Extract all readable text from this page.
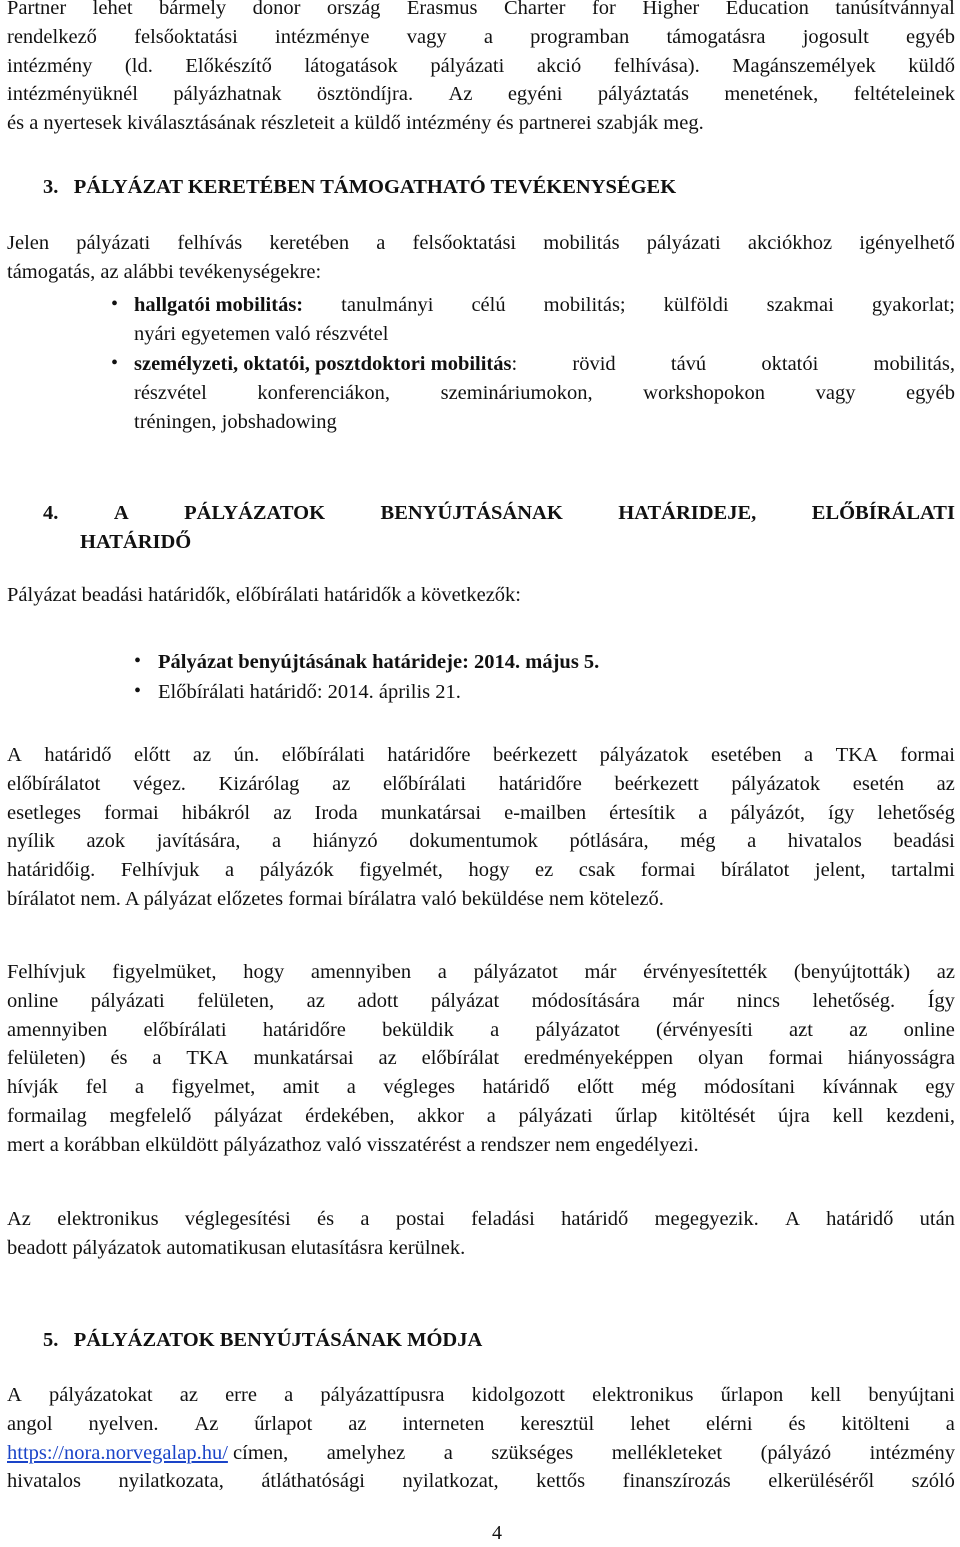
Partner lehet bármely donor ország Erasmus Charter for Higher Education tanúsítvánnyal
rendelkező felsőoktatási intézménye vagy a programban támogatásra jogosult egyéb
intézmény (ld. Előkészítő látogatások pályázati akció felhívása). Magánszemélyek küldő
intézményüknél pályázhatnak ösztöndíjra. Az egyéni pályáztatás menetének, feltételeinek
és a nyertesek kiválasztásának részleteit a küldő intézmény és partnerei szabják meg.
3. PÁLYÁZAT KERETÉBEN TÁMOGATHATÓ TEVÉKENYSÉGEK
Jelen pályázati felhívás keretében a felsőoktatási mobilitás pályázati akciókhoz igényelhető
támogatás, az alábbi tevékenységekre:
• hallgatói mobilitás: tanulmányi célú mobilitás; külföldi szakmai gyakorlat;
nyári egyetemen való részvétel
• személyzeti, oktatói, posztdoktori mobilitás:	rövid	távú	oktatói	mobilitás,
részvétel konferenciákon, szemináriumokon, workshopokon vagy egyéb
tréningen, jobshadowing
4.	A	PÁLYÁZATOK	BENYÚJTÁSÁNAK	HATÁRIDEJE,	ELŐBÍRÁLATI
HATÁRIDŐ
Pályázat beadási határidők, előbírálati határidők a következők:
• Pályázat benyújtásának határideje: 2014. május 5.
• Előbírálati határidő: 2014. április 21.
A határidő előtt az ún. előbírálati határidőre beérkezett pályázatok esetében a TKA formai
előbírálatot végez. Kizárólag az előbírálati határidőre beérkezett pályázatok esetén az
esetleges formai hibákról az Iroda munkatársai e-mailben értesítik a pályázót, így lehetőség
nyílik azok javítására, a hiányzó dokumentumok pótlására, még a hivatalos beadási
határidőig. Felhívjuk a pályázók figyelmét, hogy ez csak formai bírálatot jelent, tartalmi
bírálatot nem. A pályázat előzetes formai bírálatra való beküldése nem kötelező.
Felhívjuk figyelmüket, hogy amennyiben a pályázatot már érvényesítették (benyújtották) az
online pályázati felületen, az adott pályázat módosítására már nincs lehetőség. Így
amennyiben előbírálati határidőre beküldik a pályázatot (érvényesíti azt az online
felületen) és a TKA munkatársai az előbírálat eredményeképpen olyan formai hiányosságra
hívják fel a figyelmet, amit a végleges határidő előtt még módosítani kívánnak egy
formailag megfelelő pályázat érdekében, akkor a pályázati űrlap kitöltését újra kell kezdeni,
mert a korábban elküldött pályázathoz való visszatérést a rendszer nem engedélyezi.
Az elektronikus véglegesítési és a postai feladási határidő megegyezik. A határidő után
beadott pályázatok automatikusan elutasításra kerülnek.
5. PÁLYÁZATOK BENYÚJTÁSÁNAK MÓDJA
A pályázatokat az erre a pályázattípusra kidolgozott elektronikus űrlapon kell benyújtani
angol nyelven. Az űrlapot az interneten keresztül lehet elérni és kitölteni a
https://nora.norvegalap.hu/ címen, amelyhez a szükséges mellékleteket (pályázó intézmény
hivatalos nyilatkozata, átláthatósági nyilatkozat, kettős finanszírozás elkerüléséről szóló
4
